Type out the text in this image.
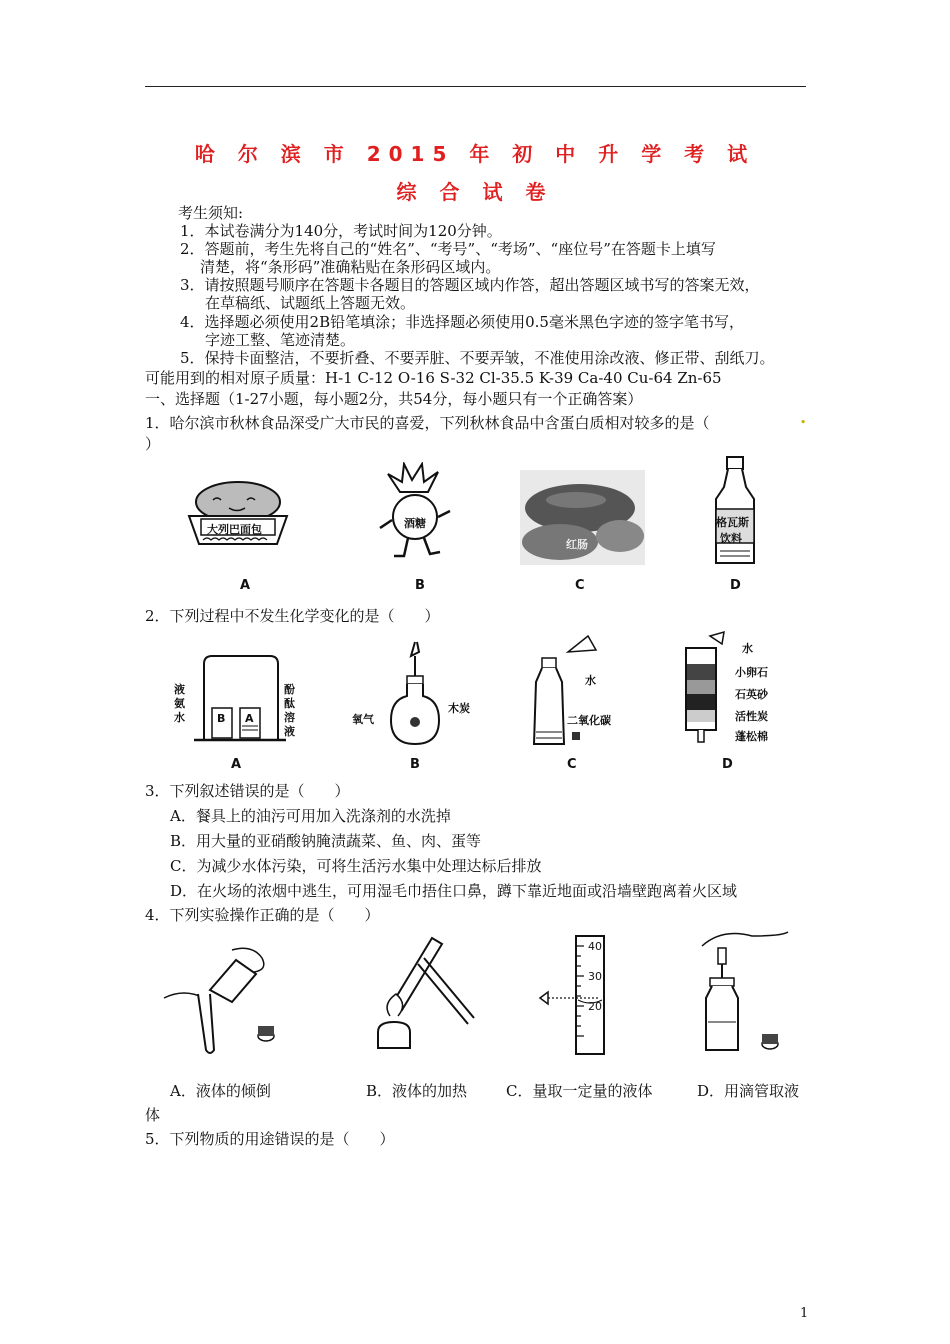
哈 尔 滨 市 2015 年 初 中 升 学 考 试
综 合 试 卷
考生须知:
1．本试卷满分为140分，考试时间为120分钟。
2．答题前，考生先将自己的“姓名”、“考号”、“考场”、“座位号”在答题卡上填写
清楚，将“条形码”准确粘贴在条形码区域内。
3．请按照题号顺序在答题卡各题目的答题区域内作答，超出答题区域书写的答案无效，
在草稿纸、试题纸上答题无效。
4．选择题必须使用2B铅笔填涂；非选择题必须使用0.5毫米黑色字迹的签字笔书写，
字迹工整、笔迹清楚。
5．保持卡面整洁，不要折叠、不要弄脏、不要弄皱，不准使用涂改液、修正带、刮纸刀。
可能用到的相对原子质量：H-1 C-12 O-16 S-32 Cl-35.5 K-39 Ca-40 Cu-64 Zn-65
一、选择题（1-27小题，每小题2分，共54分，每小题只有一个正确答案）
1．哈尔滨市秋林食品深受广大市民的喜爱，下列秋林食品中含蛋白质相对较多的是（	.
）
大列巴面包	酒糖
红肠
格瓦斯
饮料
A	B	C	D
2．下列过程中不发生化学变化的是（　　）
液
氨
水
酚
酞
溶
液
B A	氧气
木炭
水
二氧化碳
水
小卵石
石英砂
活性炭
蓬松棉
A	B	C	D
3．下列叙述错误的是（　　）
A．餐具上的油污可用加入洗涤剂的水洗掉
B．用大量的亚硝酸钠腌渍蔬菜、鱼、肉、蛋等
C．为减少水体污染，可将生活污水集中处理达标后排放
D．在火场的浓烟中逃生，可用湿毛巾捂住口鼻，蹲下靠近地面或沿墙壁跑离着火区域
4．下列实验操作正确的是（　　）
40
30
20
A．液体的倾倒	B．液体的加热	C．量取一定量的液体	D．用滴管取液
体
5．下列物质的用途错误的是（　　）
1
